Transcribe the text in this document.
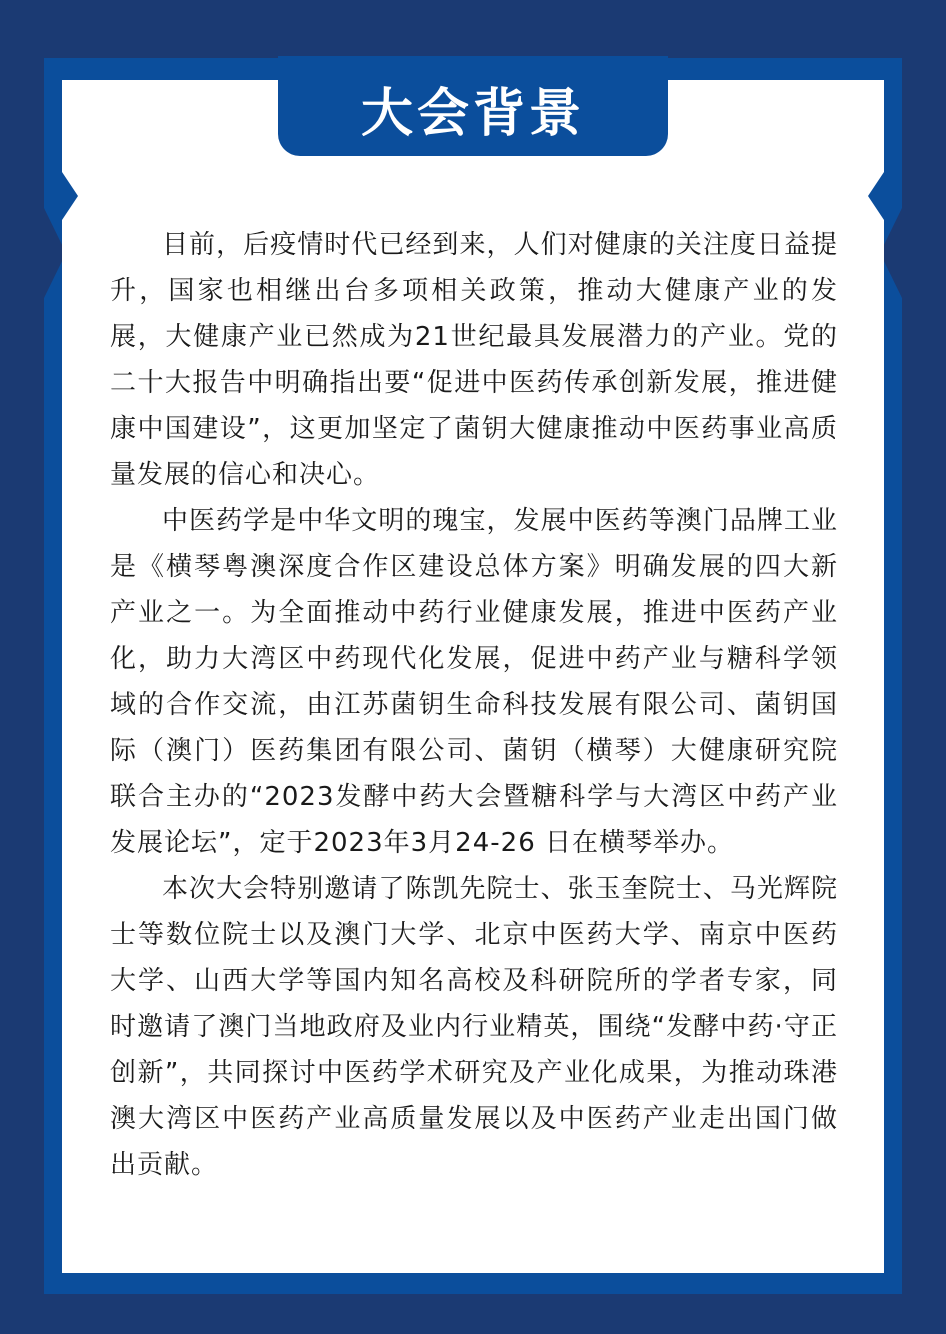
大会背景

目前，后疫情时代已经到来，人们对健康的关注度日益提升，国家也相继出台多项相关政策，推动大健康产业的发展，大健康产业已然成为21世纪最具发展潜力的产业。党的二十大报告中明确指出要“促进中医药传承创新发展，推进健康中国建设”，这更加坚定了菌钥大健康推动中医药事业高质量发展的信心和决心。

中医药学是中华文明的瑰宝，发展中医药等澳门品牌工业是《横琴粤澳深度合作区建设总体方案》明确发展的四大新产业之一。为全面推动中药行业健康发展，推进中医药产业化，助力大湾区中药现代化发展，促进中药产业与糖科学领域的合作交流，由江苏菌钥生命科技发展有限公司、菌钥国际（澳门）医药集团有限公司、菌钥（横琴）大健康研究院联合主办的“2023发酵中药大会暨糖科学与大湾区中药产业发展论坛”，定于2023年3月24-26 日在横琴举办。

本次大会特别邀请了陈凯先院士、张玉奎院士、马光辉院士等数位院士以及澳门大学、北京中医药大学、南京中医药大学、山西大学等国内知名高校及科研院所的学者专家，同时邀请了澳门当地政府及业内行业精英，围绕“发酵中药·守正创新”，共同探讨中医药学术研究及产业化成果，为推动珠港澳大湾区中医药产业高质量发展以及中医药产业走出国门做出贡献。
